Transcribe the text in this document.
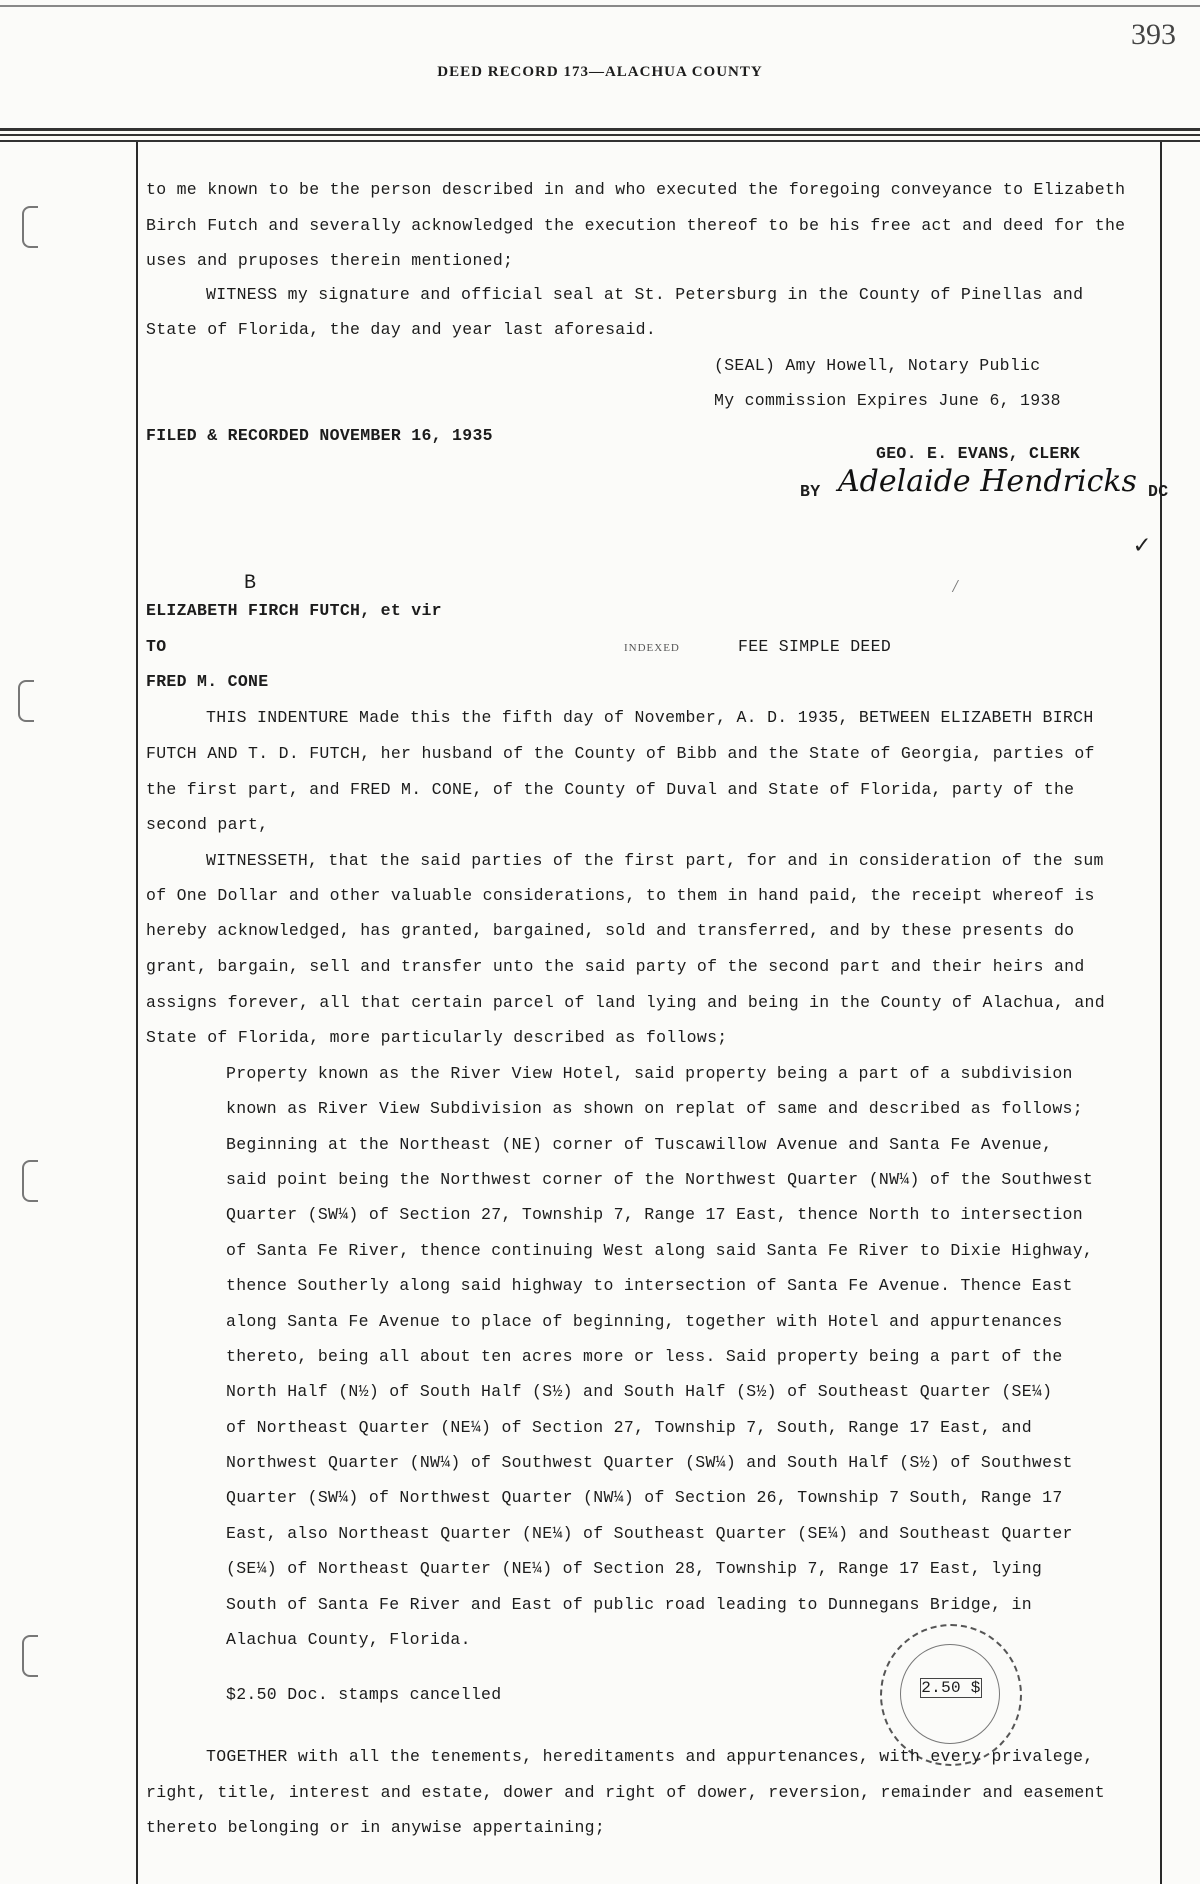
393
DEED RECORD 173—ALACHUA COUNTY
to me known to be the person described in and who executed the foregoing conveyance to Elizabeth
Birch Futch and severally acknowledged the execution thereof to be his free act and deed for the
uses and pruposes therein mentioned;
WITNESS my signature and official seal at St. Petersburg in the County of Pinellas and
State of Florida, the day and year last aforesaid.
(SEAL) Amy Howell, Notary Public
My commission Expires June 6, 1938
FILED & RECORDED NOVEMBER 16, 1935
GEO. E. EVANS, CLERK
BY Adelaide Hendricks DC
✓
⁄
B
ELIZABETH FIRCH FUTCH, et vir
TO	INDEXED	FEE SIMPLE DEED
FRED M. CONE
THIS INDENTURE Made this the fifth day of November, A. D. 1935, BETWEEN ELIZABETH BIRCH
FUTCH AND T. D. FUTCH, her husband of the County of Bibb and the State of Georgia, parties of
the first part, and FRED M. CONE, of the County of Duval and State of Florida, party of the
second part,
WITNESSETH, that the said parties of the first part, for and in consideration of the sum
of One Dollar and other valuable considerations, to them in hand paid, the receipt whereof is
hereby acknowledged, has granted, bargained, sold and transferred, and by these presents do
grant, bargain, sell and transfer unto the said party of the second part and their heirs and
assigns forever, all that certain parcel of land lying and being in the County of Alachua, and
State of Florida, more particularly described as follows;
Property known as the River View Hotel, said property being a part of a subdivision
known as River View Subdivision as shown on replat of same and described as follows;
Beginning at the Northeast (NE) corner of Tuscawillow Avenue and Santa Fe Avenue,
said point being the Northwest corner of the Northwest Quarter (NW¼) of the Southwest
Quarter (SW¼) of Section 27, Township 7, Range 17 East, thence North to intersection
of Santa Fe River, thence continuing West along said Santa Fe River to Dixie Highway,
thence Southerly along said highway to intersection of Santa Fe Avenue. Thence East
along Santa Fe Avenue to place of beginning, together with Hotel and appurtenances
thereto, being all about ten acres more or less. Said property being a part of the
North Half (N½) of South Half (S½) and South Half (S½) of Southeast Quarter (SE¼)
of Northeast Quarter (NE¼) of Section 27, Township 7, South, Range 17 East, and
Northwest Quarter (NW¼) of Southwest Quarter (SW¼) and South Half (S½) of Southwest
Quarter (SW¼) of Northwest Quarter (NW¼) of Section 26, Township 7 South, Range 17
East, also Northeast Quarter (NE¼) of Southeast Quarter (SE¼) and Southeast Quarter
(SE¼) of Northeast Quarter (NE¼) of Section 28, Township 7, Range 17 East, lying
South of Santa Fe River and East of public road leading to Dunnegans Bridge, in
Alachua County, Florida.
$2.50 Doc. stamps cancelled	2.50 $
TOGETHER with all the tenements, hereditaments and appurtenances, with every privalege,
right, title, interest and estate, dower and right of dower, reversion, remainder and easement
thereto belonging or in anywise appertaining;
